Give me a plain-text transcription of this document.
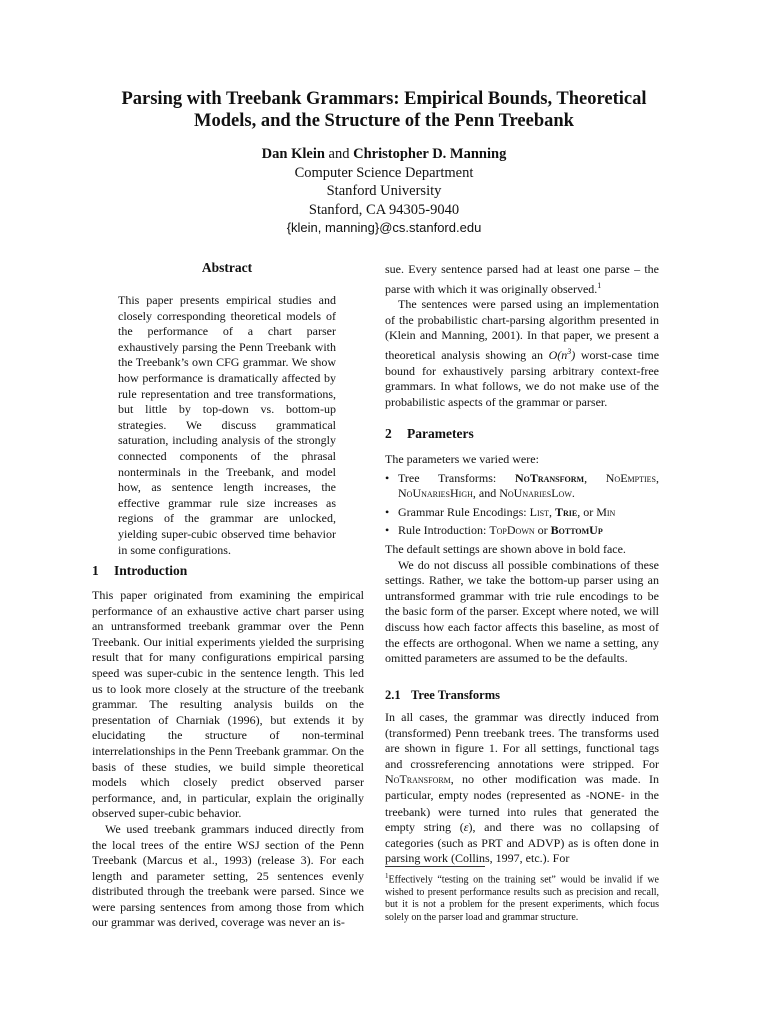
Parsing with Treebank Grammars: Empirical Bounds, Theoretical
Models, and the Structure of the Penn Treebank
Dan Klein and Christopher D. Manning
Computer Science Department
Stanford University
Stanford, CA 94305-9040
{klein, manning}@cs.stanford.edu
Abstract

This paper presents empirical studies and closely corresponding theoretical models of the performance of a chart parser exhaustively parsing the Penn Treebank with the Treebank’s own CFG grammar. We show how performance is dramatically affected by rule representation and tree transformations, but little by top-down vs. bottom-up strategies. We discuss grammatical saturation, including analysis of the strongly connected components of the phrasal nonterminals in the Treebank, and model how, as sentence length increases, the effective grammar rule size increases as regions of the grammar are unlocked, yielding super-cubic observed time behavior in some configurations.

1 Introduction

This paper originated from examining the empirical performance of an exhaustive active chart parser using an untransformed treebank grammar over the Penn Treebank. Our initial experiments yielded the surprising result that for many configurations empirical parsing speed was super-cubic in the sentence length. This led us to look more closely at the structure of the treebank grammar. The resulting analysis builds on the presentation of Charniak (1996), but extends it by elucidating the structure of non-terminal interrelationships in the Penn Treebank grammar. On the basis of these studies, we build simple theoretical models which closely predict observed parser performance, and, in particular, explain the originally observed super-cubic behavior.

We used treebank grammars induced directly from the local trees of the entire WSJ section of the Penn Treebank (Marcus et al., 1993) (release 3). For each length and parameter setting, 25 sentences evenly distributed through the treebank were parsed. Since we were parsing sentences from among those from which our grammar was derived, coverage was never an is-

sue. Every sentence parsed had at least one parse – the parse with which it was originally observed.$^1$

The sentences were parsed using an implementation of the probabilistic chart-parsing algorithm presented in (Klein and Manning, 2001). In that paper, we present a theoretical analysis showing an $O(n^3)$ worst-case time bound for exhaustively parsing arbitrary context-free grammars. In what follows, we do not make use of the probabilistic aspects of the grammar or parser.

2 Parameters

The parameters we varied were:

• Tree Transforms: NoTransform, NoEmpties, NoUnariesHigh, and NoUnariesLow.
• Grammar Rule Encodings: List, Trie, or Min
• Rule Introduction: TopDown or BottomUp

The default settings are shown above in bold face.

We do not discuss all possible combinations of these settings. Rather, we take the bottom-up parser using an untransformed grammar with trie rule encodings to be the basic form of the parser. Except where noted, we will discuss how each factor affects this baseline, as most of the effects are orthogonal. When we name a setting, any omitted parameters are assumed to be the defaults.

2.1 Tree Transforms

In all cases, the grammar was directly induced from (transformed) Penn treebank trees. The transforms used are shown in figure 1. For all settings, functional tags and crossreferencing annotations were stripped. For NoTransform, no other modification was made. In particular, empty nodes (represented as -NONE- in the treebank) were turned into rules that generated the empty string (ε), and there was no collapsing of categories (such as PRT and ADVP) as is often done in parsing work (Collins, 1997, etc.). For

$^1$Effectively “testing on the training set” would be invalid if we wished to present performance results such as precision and recall, but it is not a problem for the present experiments, which focus solely on the parser load and grammar structure.
